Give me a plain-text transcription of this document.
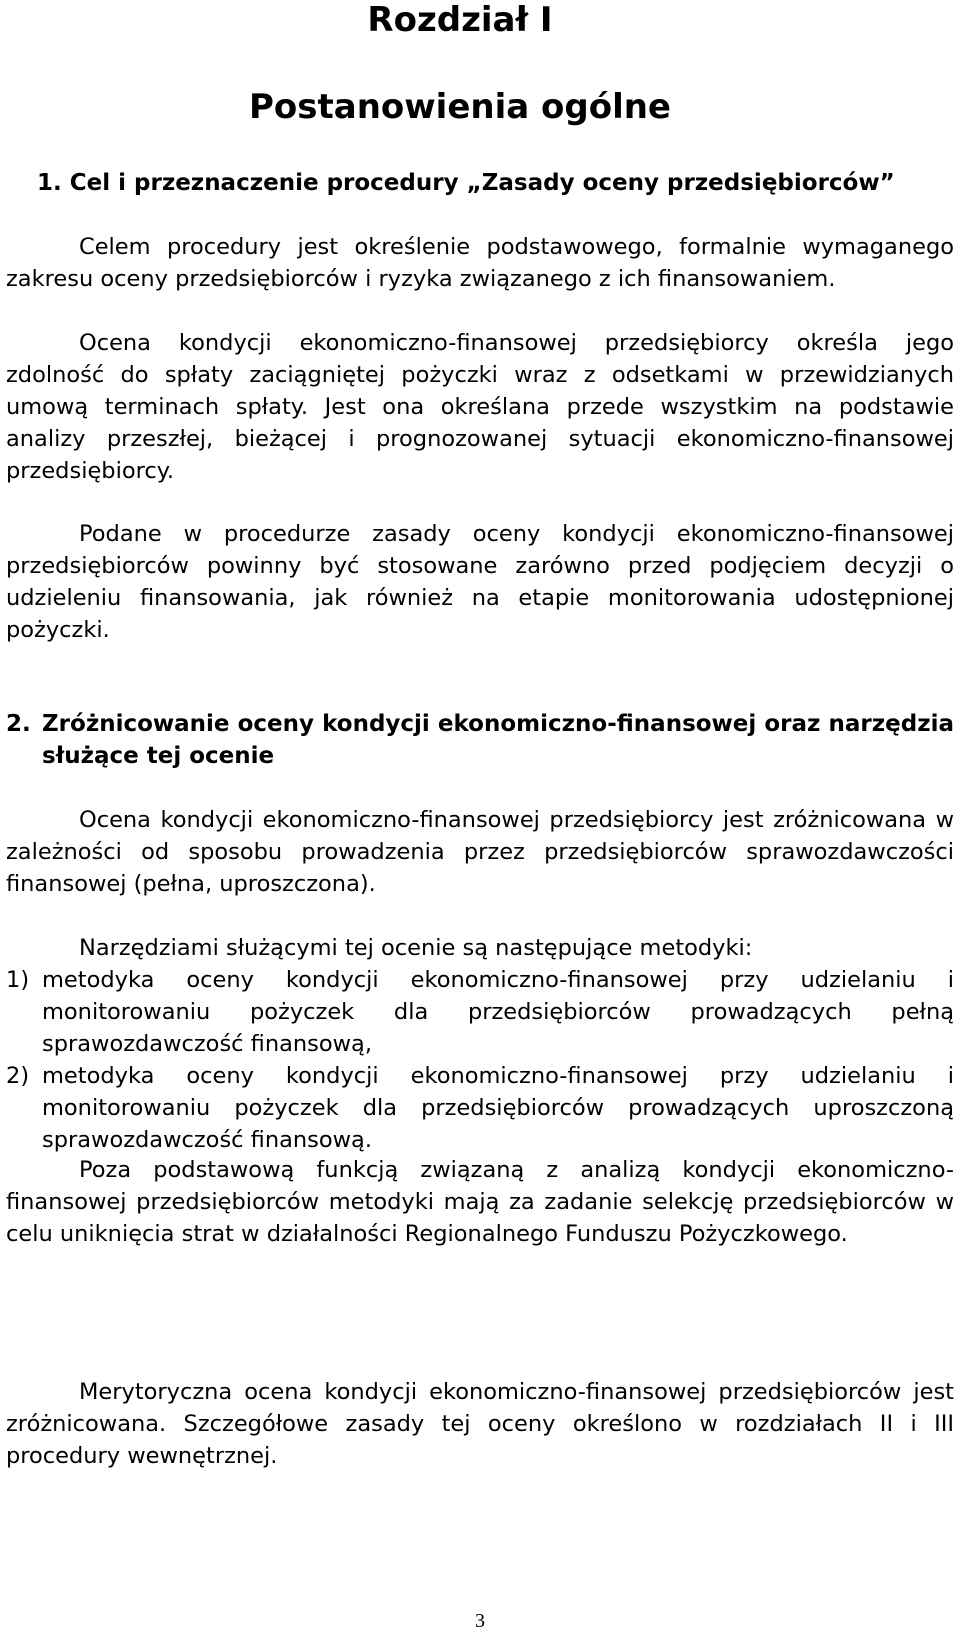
Rozdział I
Postanowienia ogólne
1. Cel i przeznaczenie procedury „Zasady oceny przedsiębiorców”

Celem procedury jest określenie podstawowego, formalnie wymaganego zakresu oceny przedsiębiorców i ryzyka związanego z ich finansowaniem.

Ocena kondycji ekonomiczno-finansowej przedsiębiorcy określa jego zdolność do spłaty zaciągniętej pożyczki wraz z odsetkami w przewidzianych umową terminach spłaty. Jest ona określana przede wszystkim na podstawie analizy przeszłej, bieżącej i prognozowanej sytuacji ekonomiczno-finansowej przedsiębiorcy.

Podane w procedurze zasady oceny kondycji ekonomiczno-finansowej przedsiębiorców powinny być stosowane zarówno przed podjęciem decyzji o udzieleniu finansowania, jak również na etapie monitorowania udostępnionej pożyczki.

2. Zróżnicowanie oceny kondycji ekonomiczno-finansowej oraz narzędzia służące tej ocenie

Ocena kondycji ekonomiczno-finansowej przedsiębiorcy jest zróżnicowana w zależności od sposobu prowadzenia przez przedsiębiorców sprawozdawczości finansowej (pełna, uproszczona).

Narzędziami służącymi tej ocenie są następujące metodyki:

1) metodyka oceny kondycji ekonomiczno-finansowej przy udzielaniu i monitorowaniu pożyczek dla przedsiębiorców prowadzących pełną sprawozdawczość finansową,
2) metodyka oceny kondycji ekonomiczno-finansowej przy udzielaniu i monitorowaniu pożyczek dla przedsiębiorców prowadzących uproszczoną sprawozdawczość finansową.

Poza podstawową funkcją związaną z analizą kondycji ekonomiczno-finansowej przedsiębiorców metodyki mają za zadanie selekcję przedsiębiorców w celu uniknięcia strat w działalności Regionalnego Funduszu Pożyczkowego.

Merytoryczna ocena kondycji ekonomiczno-finansowej przedsiębiorców jest zróżnicowana. Szczegółowe zasady tej oceny określono w rozdziałach II i III procedury wewnętrznej.

3
